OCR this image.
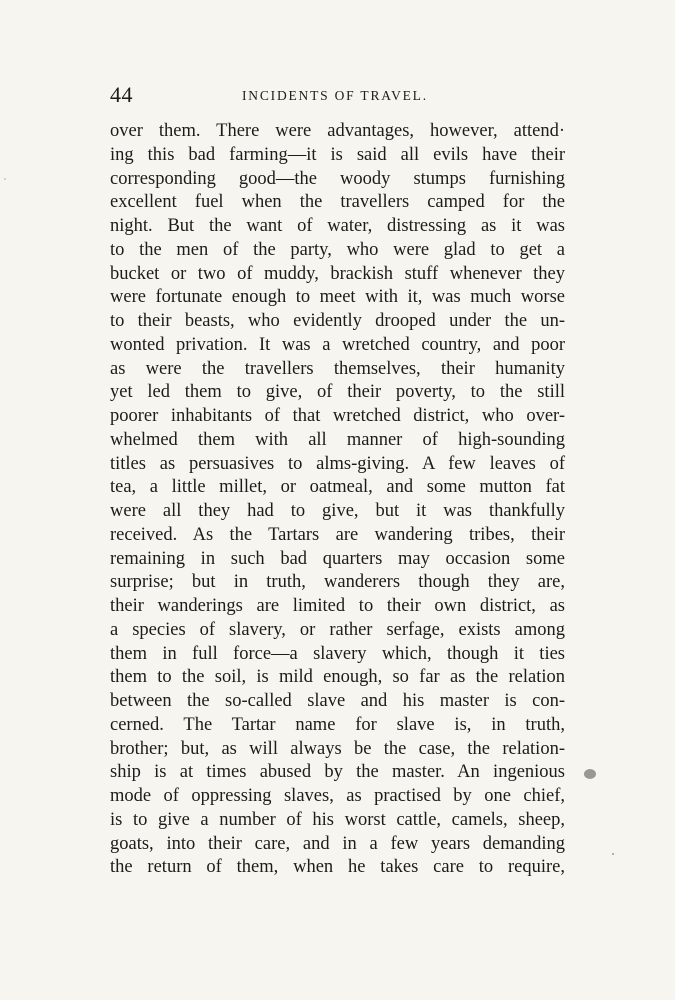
44	INCIDENTS OF TRAVEL.
over them. There were advantages, however, attend·
ing this bad farming—it is said all evils have their
corresponding good—the woody stumps furnishing
excellent fuel when the travellers camped for the
night. But the want of water, distressing as it was
to the men of the party, who were glad to get a
bucket or two of muddy, brackish stuff whenever they
were fortunate enough to meet with it, was much worse
to their beasts, who evidently drooped under the un-
wonted privation. It was a wretched country, and poor
as were the travellers themselves, their humanity
yet led them to give, of their poverty, to the still
poorer inhabitants of that wretched district, who over-
whelmed them with all manner of high-sounding
titles as persuasives to alms-giving. A few leaves of
tea, a little millet, or oatmeal, and some mutton fat
were all they had to give, but it was thankfully
received. As the Tartars are wandering tribes, their
remaining in such bad quarters may occasion some
surprise; but in truth, wanderers though they are,
their wanderings are limited to their own district, as
a species of slavery, or rather serfage, exists among
them in full force—a slavery which, though it ties
them to the soil, is mild enough, so far as the relation
between the so-called slave and his master is con-
cerned. The Tartar name for slave is, in truth,
brother; but, as will always be the case, the relation-
ship is at times abused by the master. An ingenious
mode of oppressing slaves, as practised by one chief,
is to give a number of his worst cattle, camels, sheep,
goats, into their care, and in a few years demanding
the return of them, when he takes care to require,
